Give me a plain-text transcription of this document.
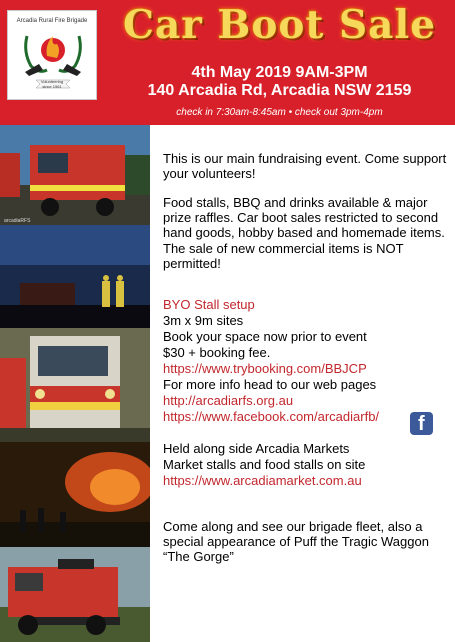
Arcadia Rural Fire Brigade
Volunteering
since 1961
Car Boot Sale
4th May 2019 9AM-3PM
140 Arcadia Rd, Arcadia NSW 2159
check in 7:30am-8:45am • check out 3pm-4pm
arcadiaRFS
This is our main fundraising event. Come support your volunteers!
Food stalls, BBQ and drinks available & major prize raffles. Car boot sales restricted to second hand goods, hobby based and homemade items. The sale of new commercial items is NOT permitted!
BYO Stall setup
3m x 9m sites
Book your space now prior to event
$30 + booking fee.
https://www.trybooking.com/BBJCP
For more info head to our web pages
http://arcadiarfs.org.au
https://www.facebook.com/arcadiarfb/
Held along side Arcadia Markets
Market stalls and food stalls on site
https://www.arcadiamarket.com.au
Come along and see our brigade fleet, also a special appearance of Puff the Tragic Waggon “The Gorge”
f
